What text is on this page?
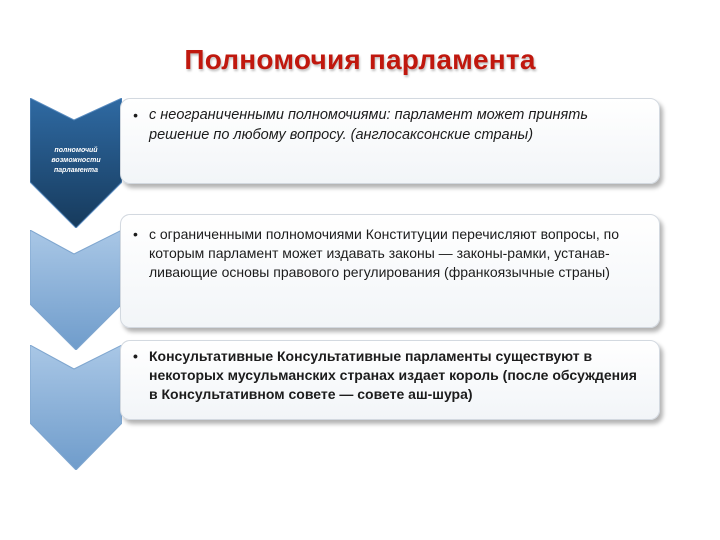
Полномочия парламента
полномочий
возможности
парламента
• с неограниченными полномочиями: парламент может принять решение по любому вопросу. (англосаксонские страны)
• с ограниченными полномочиями Конституции перечисляют вопросы, по которым парламент может издавать законы — законы-рамки, устанав-ливающие основы правового регулирования (франкоязычные страны)
• Консультативные Консультативные парламенты существуют в некоторых мусульманских странах издает король (после обсуждения в Консультативном совете — совете аш-шура)
